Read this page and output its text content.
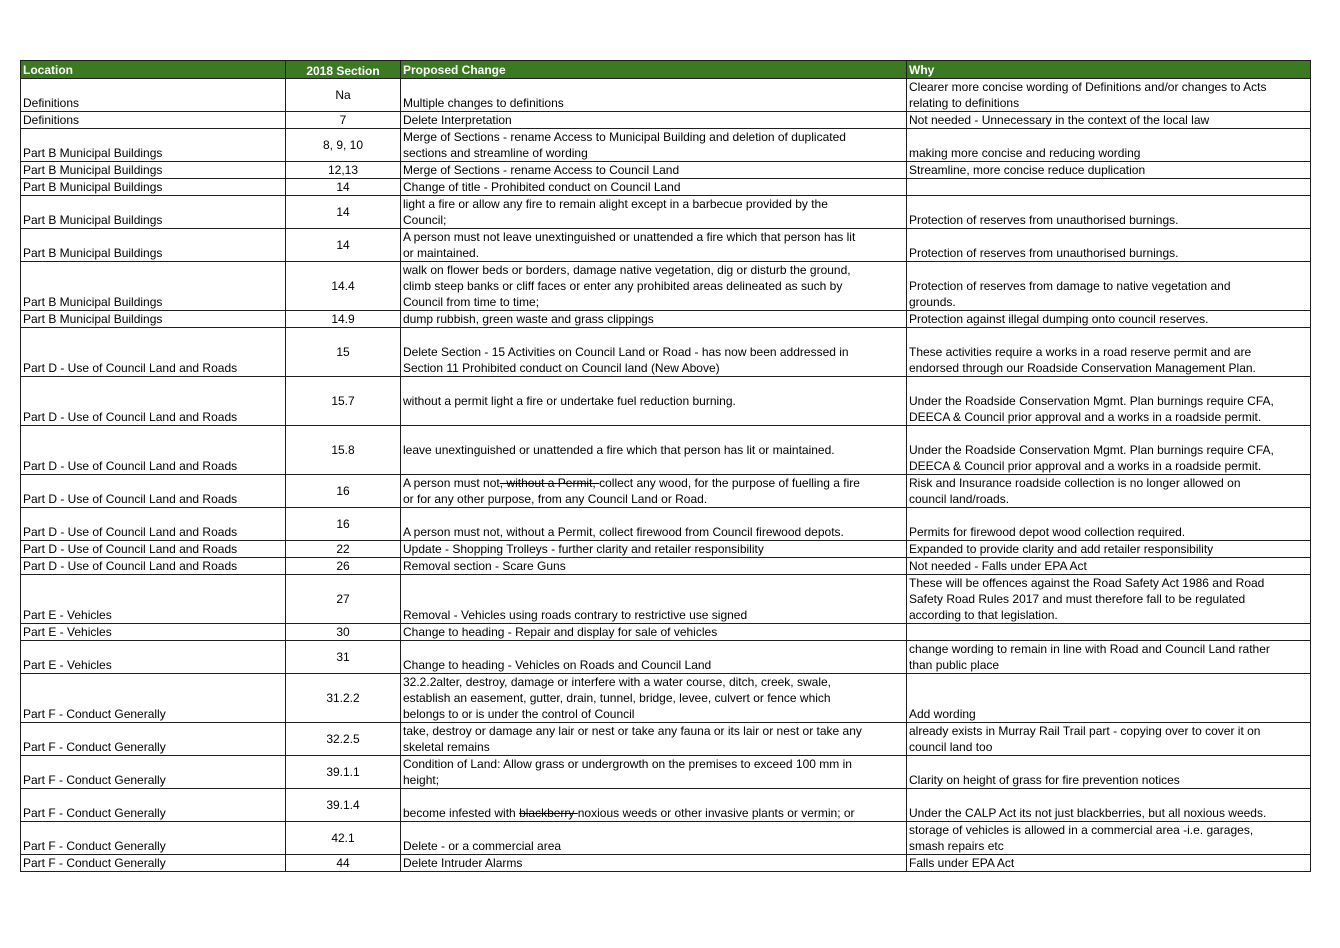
Location	2018 Section	Proposed Change	Why
Definitions	Na	Multiple changes to definitions	Clearer more concise wording of Definitions and/or changes to Acts
relating to definitions
Definitions	7	Delete Interpretation	Not needed - Unnecessary in the context of the local law
Part B Municipal Buildings	8, 9, 10	Merge of Sections - rename Access to Municipal Building and deletion of duplicated
sections and streamline of wording	making more concise and reducing wording
Part B Municipal Buildings	12,13	Merge of Sections - rename Access to Council Land	Streamline, more concise reduce duplication
Part B Municipal Buildings	14	Change of title - Prohibited conduct on Council Land	
Part B Municipal Buildings	14	light a fire or allow any fire to remain alight except in a barbecue provided by the
Council;	Protection of reserves from unauthorised burnings.
Part B Municipal Buildings	14	A person must not leave unextinguished or unattended a fire which that person has lit
or maintained.	Protection of reserves from unauthorised burnings.
Part B Municipal Buildings	14.4	walk on flower beds or borders, damage native vegetation, dig or disturb the ground,
climb steep banks or cliff faces or enter any prohibited areas delineated as such by
Council from time to time;	Protection of reserves from damage to native vegetation and
grounds.
Part B Municipal Buildings	14.9	dump rubbish, green waste and grass clippings	Protection against illegal dumping onto council reserves.
Part D - Use of Council Land and Roads	15	Delete Section - 15 Activities on Council Land or Road - has now been addressed in
Section 11 Prohibited conduct on Council land (New Above)	These activities require a works in a road reserve permit and are
endorsed through our Roadside Conservation Management Plan.
Part D - Use of Council Land and Roads	15.7	without a permit light a fire or undertake fuel reduction burning.	Under the Roadside Conservation Mgmt. Plan burnings require CFA,
DEECA & Council prior approval and a works in a roadside permit.
Part D - Use of Council Land and Roads	15.8	leave unextinguished or unattended a fire which that person has lit or maintained.	Under the Roadside Conservation Mgmt. Plan burnings require CFA,
DEECA & Council prior approval and a works in a roadside permit.
Part D - Use of Council Land and Roads	16	A person must not, without a Permit, collect any wood, for the purpose of fuelling a fire
or for any other purpose, from any Council Land or Road.	Risk and Insurance roadside collection is no longer allowed on
council land/roads.
Part D - Use of Council Land and Roads	16	A person must not, without a Permit, collect firewood from Council firewood depots.	Permits for firewood depot wood collection required.
Part D - Use of Council Land and Roads	22	Update - Shopping Trolleys - further clarity and retailer responsibility	Expanded to provide clarity and add retailer responsibility
Part D - Use of Council Land and Roads	26	Removal section - Scare Guns	Not needed - Falls under EPA Act
Part E - Vehicles	27	Removal - Vehicles using roads contrary to restrictive use signed	These will be offences against the Road Safety Act 1986 and Road
Safety Road Rules 2017 and must therefore fall to be regulated
according to that legislation.
Part E - Vehicles	30	Change to heading - Repair and display for sale of vehicles	
Part E - Vehicles	31	Change to heading - Vehicles on Roads and Council Land	change wording to remain in line with Road and Council Land rather
than public place
Part F - Conduct Generally	31.2.2	32.2.2alter, destroy, damage or interfere with a water course, ditch, creek, swale,
establish an easement, gutter, drain, tunnel, bridge, levee, culvert or fence which
belongs to or is under the control of Council	Add wording
Part F - Conduct Generally	32.2.5	take, destroy or damage any lair or nest or take any fauna or its lair or nest or take any
skeletal remains	already exists in Murray Rail Trail part - copying over to cover it on
council land too
Part F - Conduct Generally	39.1.1	Condition of Land: Allow grass or undergrowth on the premises to exceed 100 mm in
height;	Clarity on height of grass for fire prevention notices
Part F - Conduct Generally	39.1.4	become infested with blackberry noxious weeds or other invasive plants or vermin; or	Under the CALP Act its not just blackberries, but all noxious weeds.
Part F - Conduct Generally	42.1	Delete - or a commercial area	storage of vehicles is allowed in a commercial area -i.e. garages,
smash repairs etc
Part F - Conduct Generally	44	Delete Intruder Alarms	Falls under EPA Act
